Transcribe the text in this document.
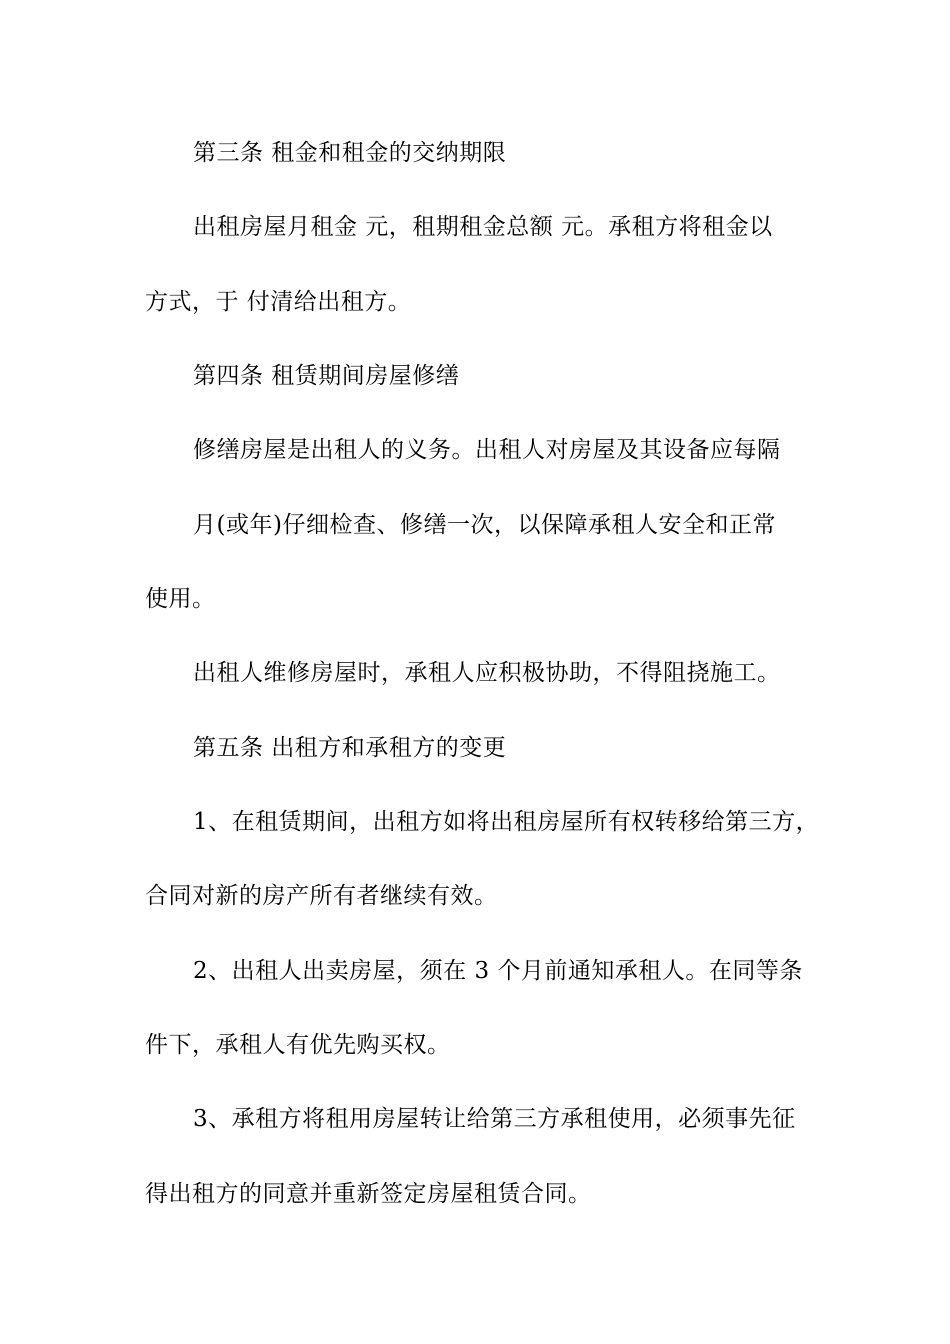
第三条 租金和租金的交纳期限
出租房屋月租金 元，租期租金总额 元。承租方将租金以
方式，于 付清给出租方。
第四条 租赁期间房屋修缮
修缮房屋是出租人的义务。出租人对房屋及其设备应每隔
月(或年)仔细检查、修缮一次，以保障承租人安全和正常
使用。
出租人维修房屋时，承租人应积极协助，不得阻挠施工。
第五条 出租方和承租方的变更
1、在租赁期间，出租方如将出租房屋所有权转移给第三方，
合同对新的房产所有者继续有效。
2、出租人出卖房屋，须在 3 个月前通知承租人。在同等条
件下，承租人有优先购买权。
3、承租方将租用房屋转让给第三方承租使用，必须事先征
得出租方的同意并重新签定房屋租赁合同。
